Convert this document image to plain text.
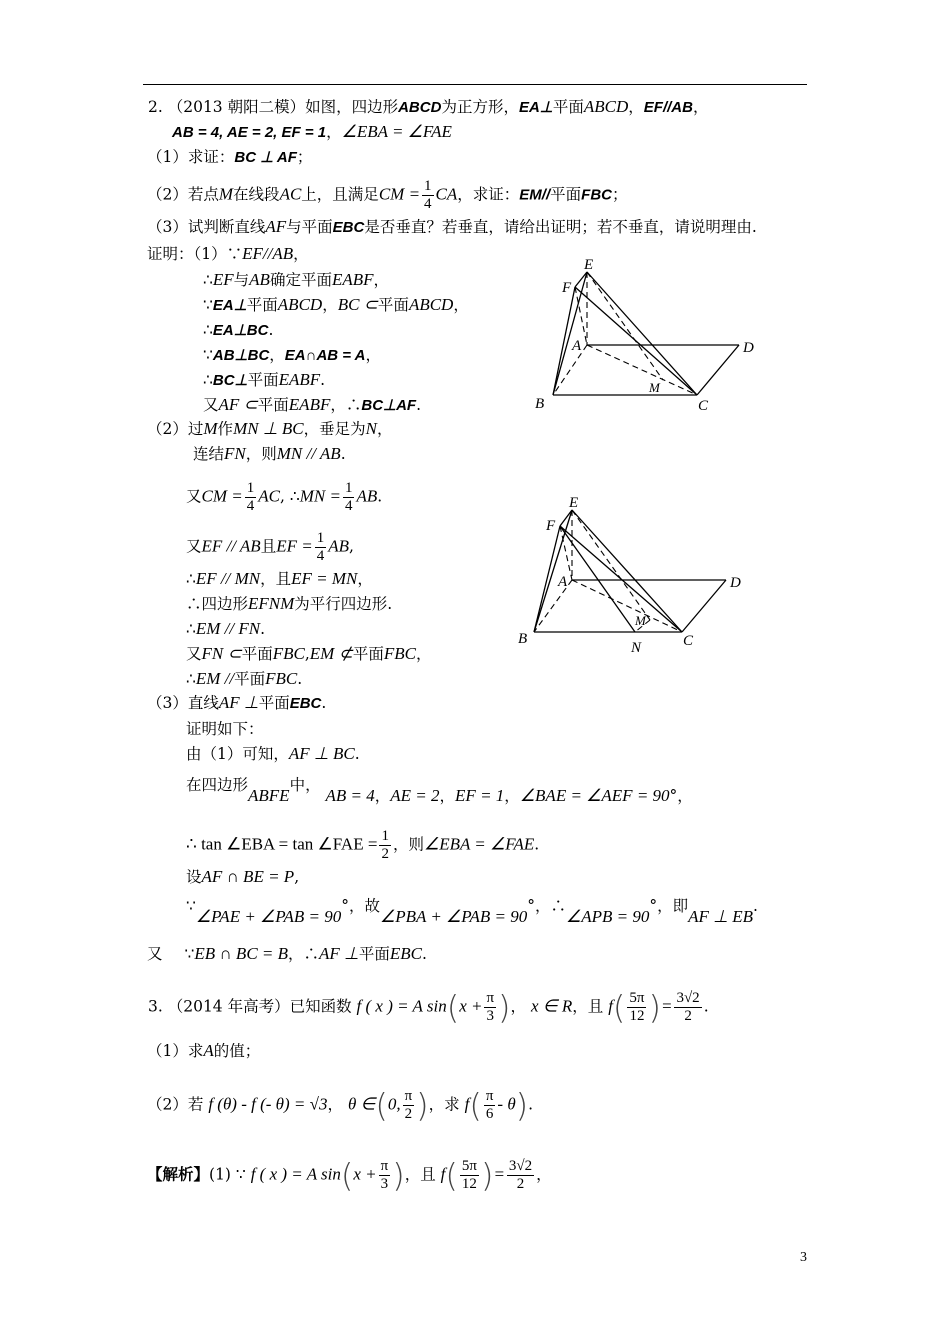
2. （2013 朝阳二模）如图，四边形ABCD为正方形，EA⊥平面ABCD，EF//AB，
AB = 4, AE = 2, EF = 1，∠EBA = ∠FAE
（1）求证：BC ⊥ AF；
（2）若点M在线段AC上，且满足CM = $\frac{1}{4}$ CA，求证：EM//平面FBC；
（3）试判断直线AF与平面EBC是否垂直？若垂直，请给出证明；若不垂直，请说明理由.
证明：（1）∵EF//AB，
∴EF与AB确定平面EABF，
∵EA⊥平面ABCD，BC ⊂平面ABCD，
∴EA⊥BC.
∵AB⊥BC，EA∩AB = A，
∴BC⊥平面EABF.
又AF ⊂平面EABF，∴BC⊥AF.
E
F
A	D
M
B	C
（2）过M作MN ⊥ BC，垂足为N，
连结FN，则MN // AB.
又CM = $\frac{1}{4}$ AC, ∴MN = $\frac{1}{4}$ AB.
又EF // AB且EF = $\frac{1}{4}$ AB,
∴EF // MN，且EF = MN，
∴四边形EFNM为平行四边形.
∴EM // FN.
又FN ⊂平面FBC,EM ⊄平面FBC，
∴EM //平面FBC.
E
F
A	D
M
B	C
N
（3）直线AF ⊥平面EBC.
证明如下：
由（1）可知，AF ⊥ BC.
在四边形ABFE中， AB = 4，AE = 2，EF = 1，∠BAE = ∠AEF = 90°，
∴ tan ∠EBA = tan ∠FAE = $\frac{1}{2}$ ，则∠EBA = ∠FAE.
设AF ∩ BE = P,
∵∠PAE + ∠PAB = 90°，故∠PBA + ∠PAB = 90°，∴∠APB = 90°，即AF ⊥ EB.
又 ∵EB ∩ BC = B，∴AF ⊥平面EBC.
3. （2014 年高考）已知函数 f ( x ) = A $\sin(x + \frac{\pi}{3}$ )， x ∈ R，且 $f( \frac{5\pi}{12}$ )= $\frac{3√2}{2}$ .
（1）求A的值；
（2）若 f (θ) - f (- θ) = √3， θ ∈(0, $\frac{\pi}{2}$ )，求 $f( \frac{\pi}{6} - \theta)$.
【解析】(1) ∵ f ( x ) = A $\sin(x + \frac{\pi}{3}$ )，且 $f( \frac{5\pi}{12}$ )= $\frac{3√2}{2}$ ，
3
